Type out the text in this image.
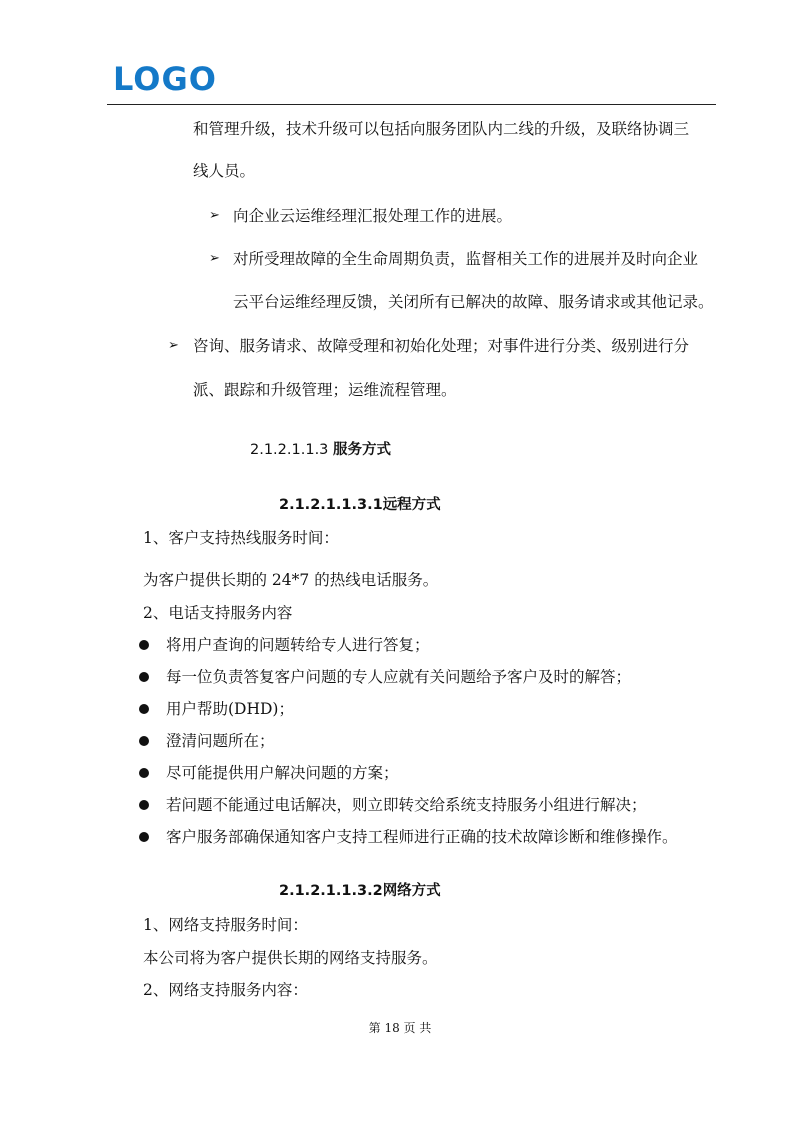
LOGO
和管理升级，技术升级可以包括向服务团队内二线的升级，及联络协调三
线人员。
➢ 向企业云运维经理汇报处理工作的进展。
➢ 对所受理故障的全生命周期负责，监督相关工作的进展并及时向企业
云平台运维经理反馈，关闭所有已解决的故障、服务请求或其他记录。
➢ 咨询、服务请求、故障受理和初始化处理；对事件进行分类、级别进行分
派、跟踪和升级管理；运维流程管理。
2.1.2.1.1.3 服务方式
2.1.2.1.1.3.1远程方式
1、客户支持热线服务时间：
为客户提供长期的 24*7 的热线电话服务。
2、电话支持服务内容
将用户查询的问题转给专人进行答复；
每一位负责答复客户问题的专人应就有关问题给予客户及时的解答；
用户帮助(DHD)；
澄清问题所在；
尽可能提供用户解决问题的方案；
若问题不能通过电话解决，则立即转交给系统支持服务小组进行解决；
客户服务部确保通知客户支持工程师进行正确的技术故障诊断和维修操作。
2.1.2.1.1.3.2网络方式
1、网络支持服务时间：
本公司将为客户提供长期的网络支持服务。
2、网络支持服务内容：
第 18 页 共
